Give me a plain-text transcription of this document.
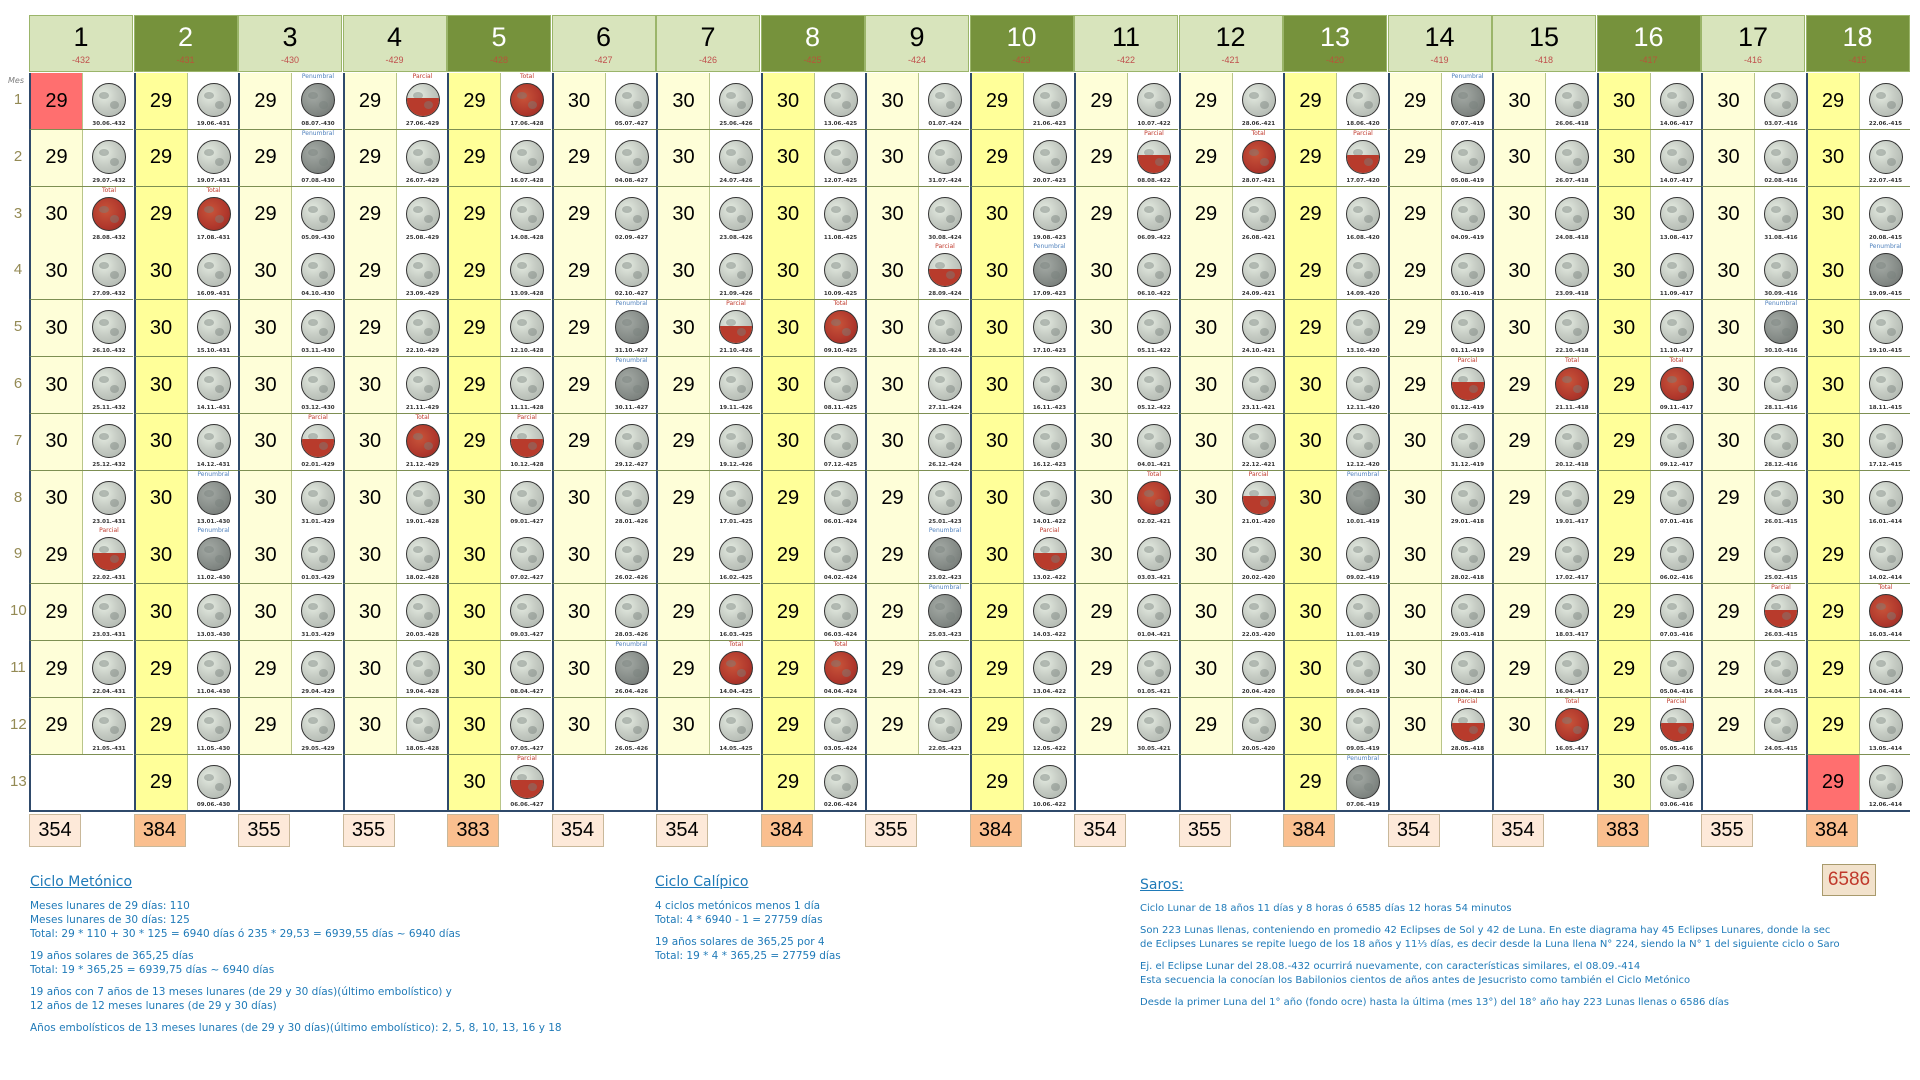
Mes
1
2
3
4
5
6
7
8
9
10
11
12
13
1
-432
29
30.06.-432
29
29.07.-432
30
Total
28.08.-432
30
27.09.-432
30
26.10.-432
30
25.11.-432
30
25.12.-432
30
23.01.-431
29
Parcial
22.02.-431
29
23.03.-431
29
22.04.-431
29
21.05.-431
354
2
-431
29
19.06.-431
29
19.07.-431
29
Total
17.08.-431
30
16.09.-431
30
15.10.-431
30
14.11.-431
30
14.12.-431
30
Penumbral
13.01.-430
30
Penumbral
11.02.-430
30
13.03.-430
29
11.04.-430
29
11.05.-430
29
09.06.-430
384
3
-430
29
Penumbral
08.07.-430
29
Penumbral
07.08.-430
29
05.09.-430
30
04.10.-430
30
03.11.-430
30
03.12.-430
30
Parcial
02.01.-429
30
31.01.-429
30
01.03.-429
30
31.03.-429
29
29.04.-429
29
29.05.-429
355
4
-429
29
Parcial
27.06.-429
29
26.07.-429
29
25.08.-429
29
23.09.-429
29
22.10.-429
30
21.11.-429
30
Total
21.12.-429
30
19.01.-428
30
18.02.-428
30
20.03.-428
30
19.04.-428
30
18.05.-428
355
5
-428
29
Total
17.06.-428
29
16.07.-428
29
14.08.-428
29
13.09.-428
29
12.10.-428
29
11.11.-428
29
Parcial
10.12.-428
30
09.01.-427
30
07.02.-427
30
09.03.-427
30
08.04.-427
30
07.05.-427
30
Parcial
06.06.-427
383
6
-427
30
05.07.-427
29
04.08.-427
29
02.09.-427
29
02.10.-427
29
Penumbral
31.10.-427
29
Penumbral
30.11.-427
29
29.12.-427
30
28.01.-426
30
26.02.-426
30
28.03.-426
30
Penumbral
26.04.-426
30
26.05.-426
354
7
-426
30
25.06.-426
30
24.07.-426
30
23.08.-426
30
21.09.-426
30
Parcial
21.10.-426
29
19.11.-426
29
19.12.-426
29
17.01.-425
29
16.02.-425
29
16.03.-425
29
Total
14.04.-425
30
14.05.-425
354
8
-425
30
13.06.-425
30
12.07.-425
30
11.08.-425
30
10.09.-425
30
Total
09.10.-425
30
08.11.-425
30
07.12.-425
29
06.01.-424
29
04.02.-424
29
06.03.-424
29
Total
04.04.-424
29
03.05.-424
29
02.06.-424
384
9
-424
30
01.07.-424
30
31.07.-424
30
30.08.-424
30
Parcial
28.09.-424
30
28.10.-424
30
27.11.-424
30
26.12.-424
29
25.01.-423
29
Penumbral
23.02.-423
29
Penumbral
25.03.-423
29
23.04.-423
29
22.05.-423
355
10
-423
29
21.06.-423
29
20.07.-423
30
19.08.-423
30
Penumbral
17.09.-423
30
17.10.-423
30
16.11.-423
30
16.12.-423
30
14.01.-422
30
Parcial
13.02.-422
29
14.03.-422
29
13.04.-422
29
12.05.-422
29
10.06.-422
384
11
-422
29
10.07.-422
29
Parcial
08.08.-422
29
06.09.-422
30
06.10.-422
30
05.11.-422
30
05.12.-422
30
04.01.-421
30
Total
02.02.-421
30
03.03.-421
29
01.04.-421
29
01.05.-421
29
30.05.-421
354
12
-421
29
28.06.-421
29
Total
28.07.-421
29
26.08.-421
29
24.09.-421
30
24.10.-421
30
23.11.-421
30
22.12.-421
30
Parcial
21.01.-420
30
20.02.-420
30
22.03.-420
30
20.04.-420
29
20.05.-420
355
13
-420
29
18.06.-420
29
Parcial
17.07.-420
29
16.08.-420
29
14.09.-420
29
13.10.-420
30
12.11.-420
30
12.12.-420
30
Penumbral
10.01.-419
30
09.02.-419
30
11.03.-419
30
09.04.-419
30
09.05.-419
29
Penumbral
07.06.-419
384
14
-419
29
Penumbral
07.07.-419
29
05.08.-419
29
04.09.-419
29
03.10.-419
29
01.11.-419
29
Parcial
01.12.-419
30
31.12.-419
30
29.01.-418
30
28.02.-418
30
29.03.-418
30
28.04.-418
30
Parcial
28.05.-418
354
15
-418
30
26.06.-418
30
26.07.-418
30
24.08.-418
30
23.09.-418
30
22.10.-418
29
Total
21.11.-418
29
20.12.-418
29
19.01.-417
29
17.02.-417
29
18.03.-417
29
16.04.-417
30
Total
16.05.-417
354
16
-417
30
14.06.-417
30
14.07.-417
30
13.08.-417
30
11.09.-417
30
11.10.-417
29
Total
09.11.-417
29
09.12.-417
29
07.01.-416
29
06.02.-416
29
07.03.-416
29
05.04.-416
29
Parcial
05.05.-416
30
03.06.-416
383
17
-416
30
03.07.-416
30
02.08.-416
30
31.08.-416
30
30.09.-416
30
Penumbral
30.10.-416
30
28.11.-416
30
28.12.-416
29
26.01.-415
29
25.02.-415
29
Parcial
26.03.-415
29
24.04.-415
29
24.05.-415
355
18
-415
29
22.06.-415
30
22.07.-415
30
20.08.-415
30
Penumbral
19.09.-415
30
19.10.-415
30
18.11.-415
30
17.12.-415
30
16.01.-414
29
14.02.-414
29
Total
16.03.-414
29
14.04.-414
29
13.05.-414
29
12.06.-414
384
Ciclo Metónico

Meses lunares de 29 días: 110

Meses lunares de 30 días: 125

Total: 29 * 110 + 30 * 125 = 6940 días ó 235 * 29,53 = 6939,55 días ~ 6940 días

19 años solares de 365,25 días

Total: 19 * 365,25 = 6939,75 días ~ 6940 días

19 años con 7 años de 13 meses lunares (de 29 y 30 días)(último embolístico) y

12 años de 12 meses lunares (de 29 y 30 días)

Años embolísticos de 13 meses lunares (de 29 y 30 días)(último embolístico): 2, 5, 8, 10, 13, 16 y 18

Ciclo Calípico

4 ciclos metónicos menos 1 día

Total: 4 * 6940 - 1 = 27759 días

19 años solares de 365,25 por 4

Total: 19 * 4 * 365,25 = 27759 días

6586
Saros:

Ciclo Lunar de 18 años 11 días y 8 horas ó 6585 días 12 horas 54 minutos

Son 223 Lunas llenas, conteniendo en promedio 42 Eclipses de Sol y 42 de Luna. En este diagrama hay 45 Eclipses Lunares, donde la sec

de Eclipses Lunares se repite luego de los 18 años y 11⅓ días, es decir desde la Luna llena N° 224, siendo la N° 1 del siguiente ciclo o Saro

Ej. el Eclipse Lunar del 28.08.-432 ocurrirá nuevamente, con características similares, el 08.09.-414

Esta secuencia la conocían los Babilonios cientos de años antes de Jesucristo como también el Ciclo Metónico

Desde la primer Luna del 1° año (fondo ocre) hasta la última (mes 13°) del 18° año hay 223 Lunas llenas o 6586 días
